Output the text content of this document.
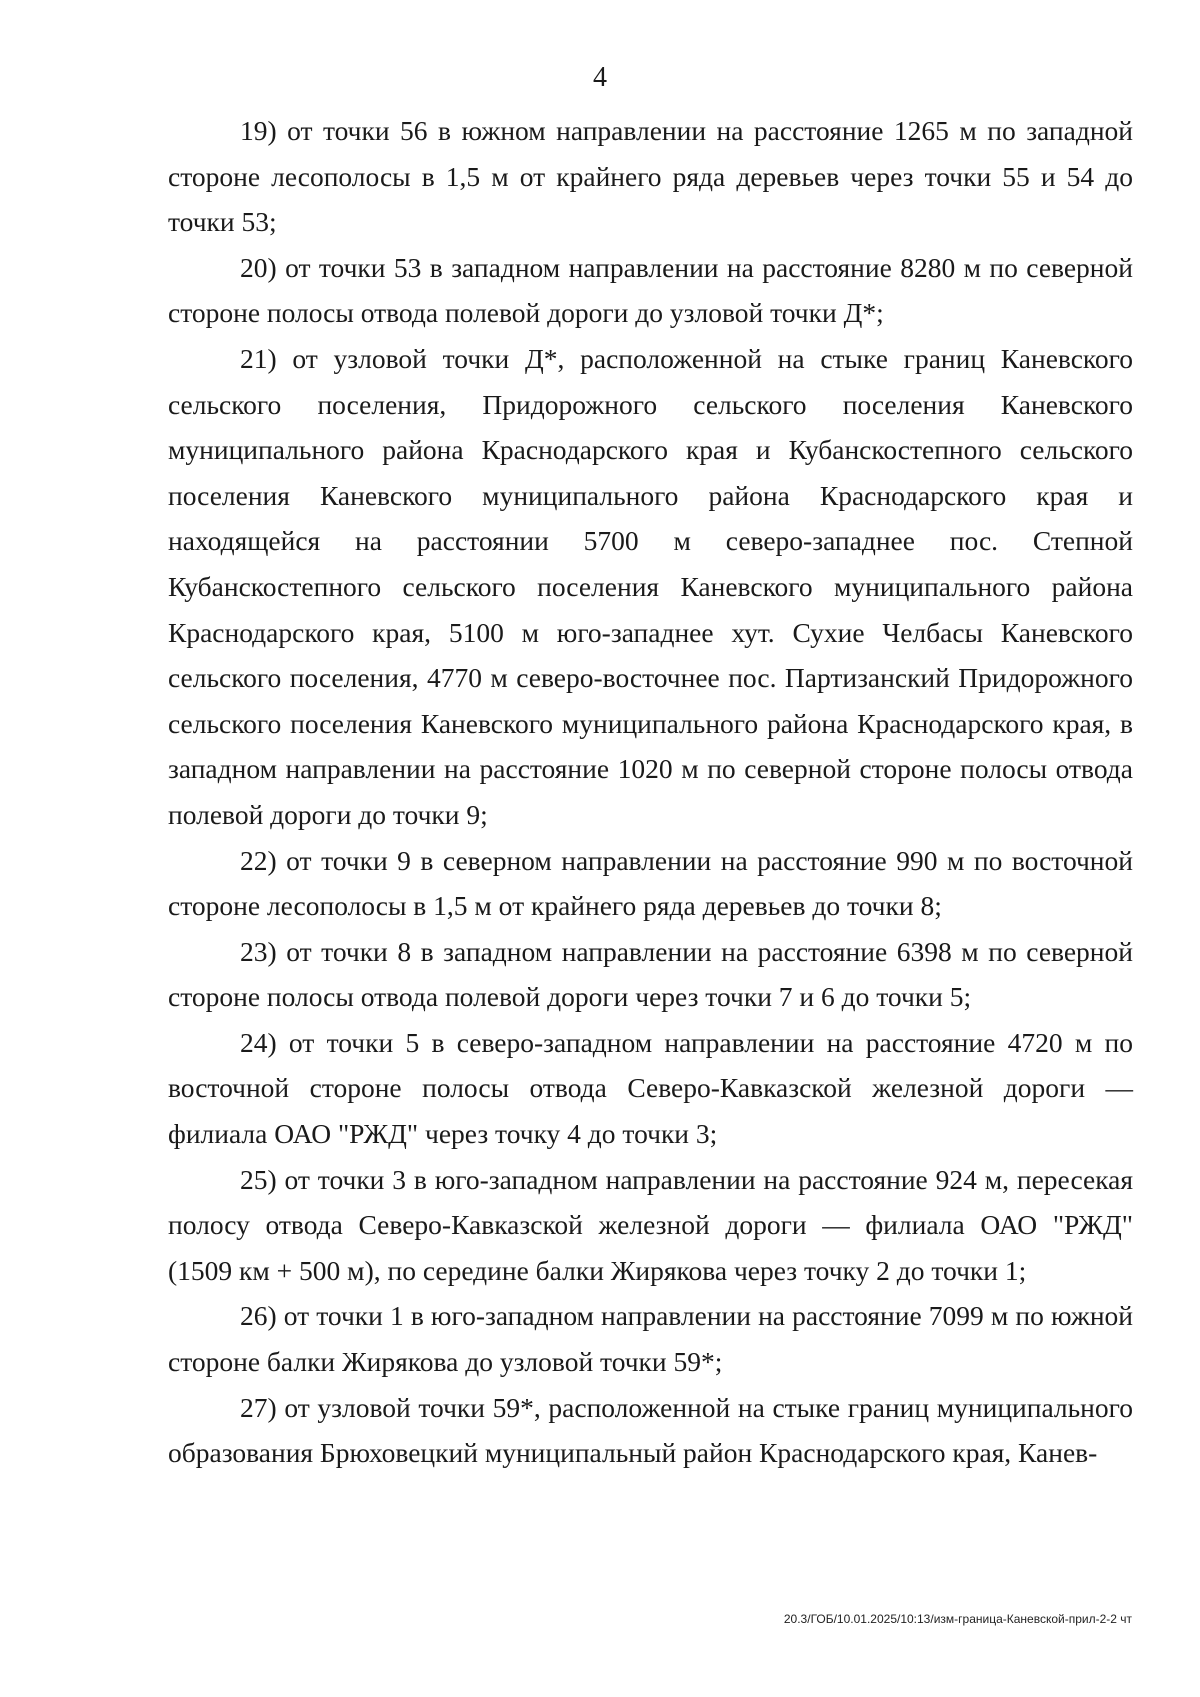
4

19) от точки 56 в южном направлении на расстояние 1265 м по западной стороне лесополосы в 1,5 м от крайнего ряда деревьев через точки 55 и 54 до точки 53;

20) от точки 53 в западном направлении на расстояние 8280 м по северной стороне полосы отвода полевой дороги до узловой точки Д*;

21) от узловой точки Д*, расположенной на стыке границ Каневского сельского поселения, Придорожного сельского поселения Каневского муниципального района Краснодарского края и Кубанскостепного сельского поселения Каневского муниципального района Краснодарского края и находящейся на расстоянии 5700 м северо-западнее пос. Степной Кубанскостепного сельского поселения Каневского муниципального района Краснодарского края, 5100 м юго-западнее хут. Сухие Челбасы Каневского сельского поселения, 4770 м северо-восточнее пос. Партизанский Придорожного сельского поселения Каневского муниципального района Краснодарского края, в западном направлении на расстояние 1020 м по северной стороне полосы отвода полевой дороги до точки 9;

22) от точки 9 в северном направлении на расстояние 990 м по восточной стороне лесополосы в 1,5 м от крайнего ряда деревьев до точки 8;

23) от точки 8 в западном направлении на расстояние 6398 м по северной стороне полосы отвода полевой дороги через точки 7 и 6 до точки 5;

24) от точки 5 в северо-западном направлении на расстояние 4720 м по восточной стороне полосы отвода Северо-Кавказской железной дороги — филиала ОАО "РЖД" через точку 4 до точки 3;

25) от точки 3 в юго-западном направлении на расстояние 924 м, пересекая полосу отвода Северо-Кавказской железной дороги — филиала ОАО "РЖД" (1509 км + 500 м), по середине балки Жирякова через точку 2 до точки 1;

26) от точки 1 в юго-западном направлении на расстояние 7099 м по южной стороне балки Жирякова до узловой точки 59*;

27) от узловой точки 59*, расположенной на стыке границ муниципального образования Брюховецкий муниципальный район Краснодарского края, Канев-

20.3/ГОБ/10.01.2025/10:13/изм-граница-Каневской-прил-2-2 чт
